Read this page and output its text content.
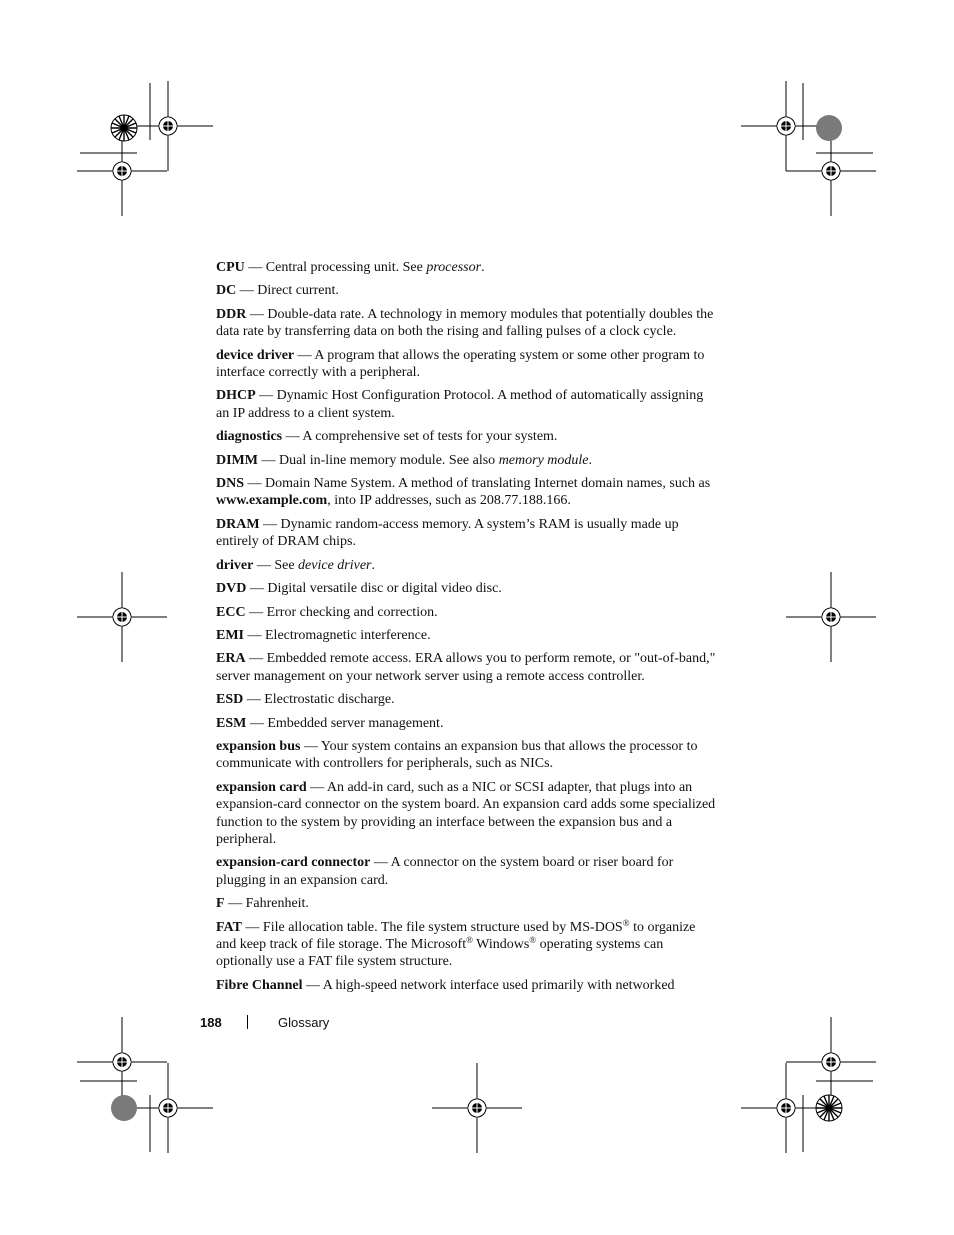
CPU — Central processing unit. See processor.

DC — Direct current.

DDR — Double-data rate. A technology in memory modules that potentially doubles the data rate by transferring data on both the rising and falling pulses of a clock cycle.

device driver — A program that allows the operating system or some other program to interface correctly with a peripheral.

DHCP — Dynamic Host Configuration Protocol. A method of automatically assigning an IP address to a client system.

diagnostics — A comprehensive set of tests for your system.

DIMM — Dual in-line memory module. See also memory module.

DNS — Domain Name System. A method of translating Internet domain names, such as www.example.com, into IP addresses, such as 208.77.188.166.

DRAM — Dynamic random-access memory. A system’s RAM is usually made up entirely of DRAM chips.

driver — See device driver.

DVD — Digital versatile disc or digital video disc.

ECC — Error checking and correction.

EMI — Electromagnetic interference.

ERA — Embedded remote access. ERA allows you to perform remote, or "out-of-band," server management on your network server using a remote access controller.

ESD — Electrostatic discharge.

ESM — Embedded server management.

expansion bus — Your system contains an expansion bus that allows the processor to communicate with controllers for peripherals, such as NICs.

expansion card — An add-in card, such as a NIC or SCSI adapter, that plugs into an expansion-card connector on the system board. An expansion card adds some specialized function to the system by providing an interface between the expansion bus and a peripheral.

expansion-card connector — A connector on the system board or riser board for plugging in an expansion card.

F — Fahrenheit.

FAT — File allocation table. The file system structure used by MS-DOS® to organize and keep track of file storage. The Microsoft® Windows® operating systems can optionally use a FAT file system structure.

Fibre Channel — A high-speed network interface used primarily with networked

188	Glossary
